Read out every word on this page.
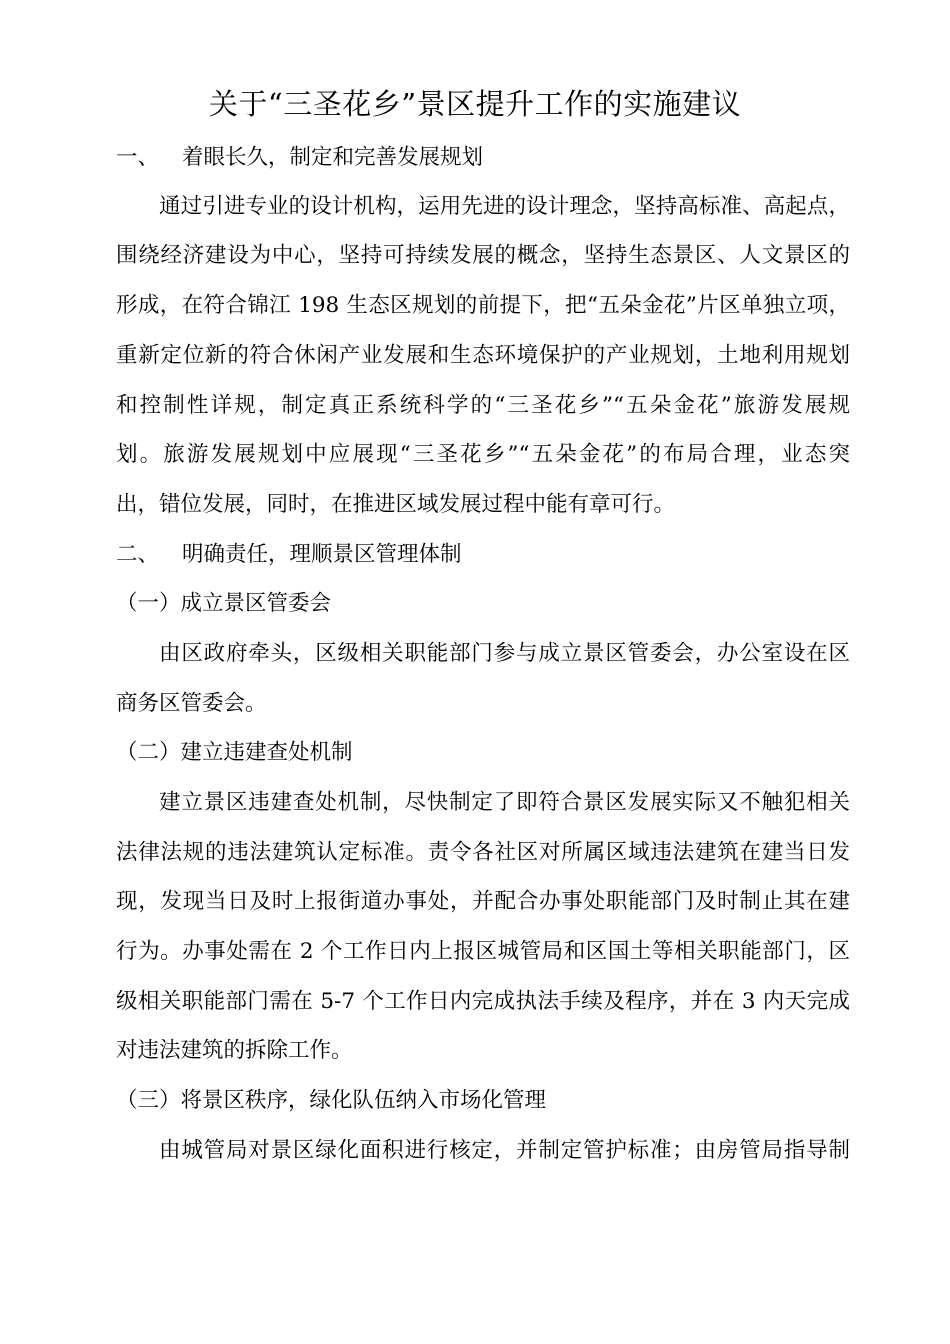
关于“三圣花乡”景区提升工作的实施建议
一、 着眼长久，制定和完善发展规划
通过引进专业的设计机构，运用先进的设计理念，坚持高标准、高起点，
围绕经济建设为中心，坚持可持续发展的概念，坚持生态景区、人文景区的
形成，在符合锦江 198 生态区规划的前提下，把“五朵金花”片区单独立项，
重新定位新的符合休闲产业发展和生态环境保护的产业规划，土地利用规划
和控制性详规，制定真正系统科学的“三圣花乡”“五朵金花”旅游发展规
划。旅游发展规划中应展现“三圣花乡”“五朵金花”的布局合理，业态突
出，错位发展，同时，在推进区域发展过程中能有章可行。
二、 明确责任，理顺景区管理体制
（一）成立景区管委会
由区政府牵头，区级相关职能部门参与成立景区管委会，办公室设在区
商务区管委会。
（二）建立违建查处机制
建立景区违建查处机制，尽快制定了即符合景区发展实际又不触犯相关
法律法规的违法建筑认定标准。责令各社区对所属区域违法建筑在建当日发
现，发现当日及时上报街道办事处，并配合办事处职能部门及时制止其在建
行为。办事处需在 2 个工作日内上报区城管局和区国土等相关职能部门，区
级相关职能部门需在 5-7 个工作日内完成执法手续及程序，并在 3 内天完成
对违法建筑的拆除工作。
（三）将景区秩序，绿化队伍纳入市场化管理
由城管局对景区绿化面积进行核定，并制定管护标准；由房管局指导制
